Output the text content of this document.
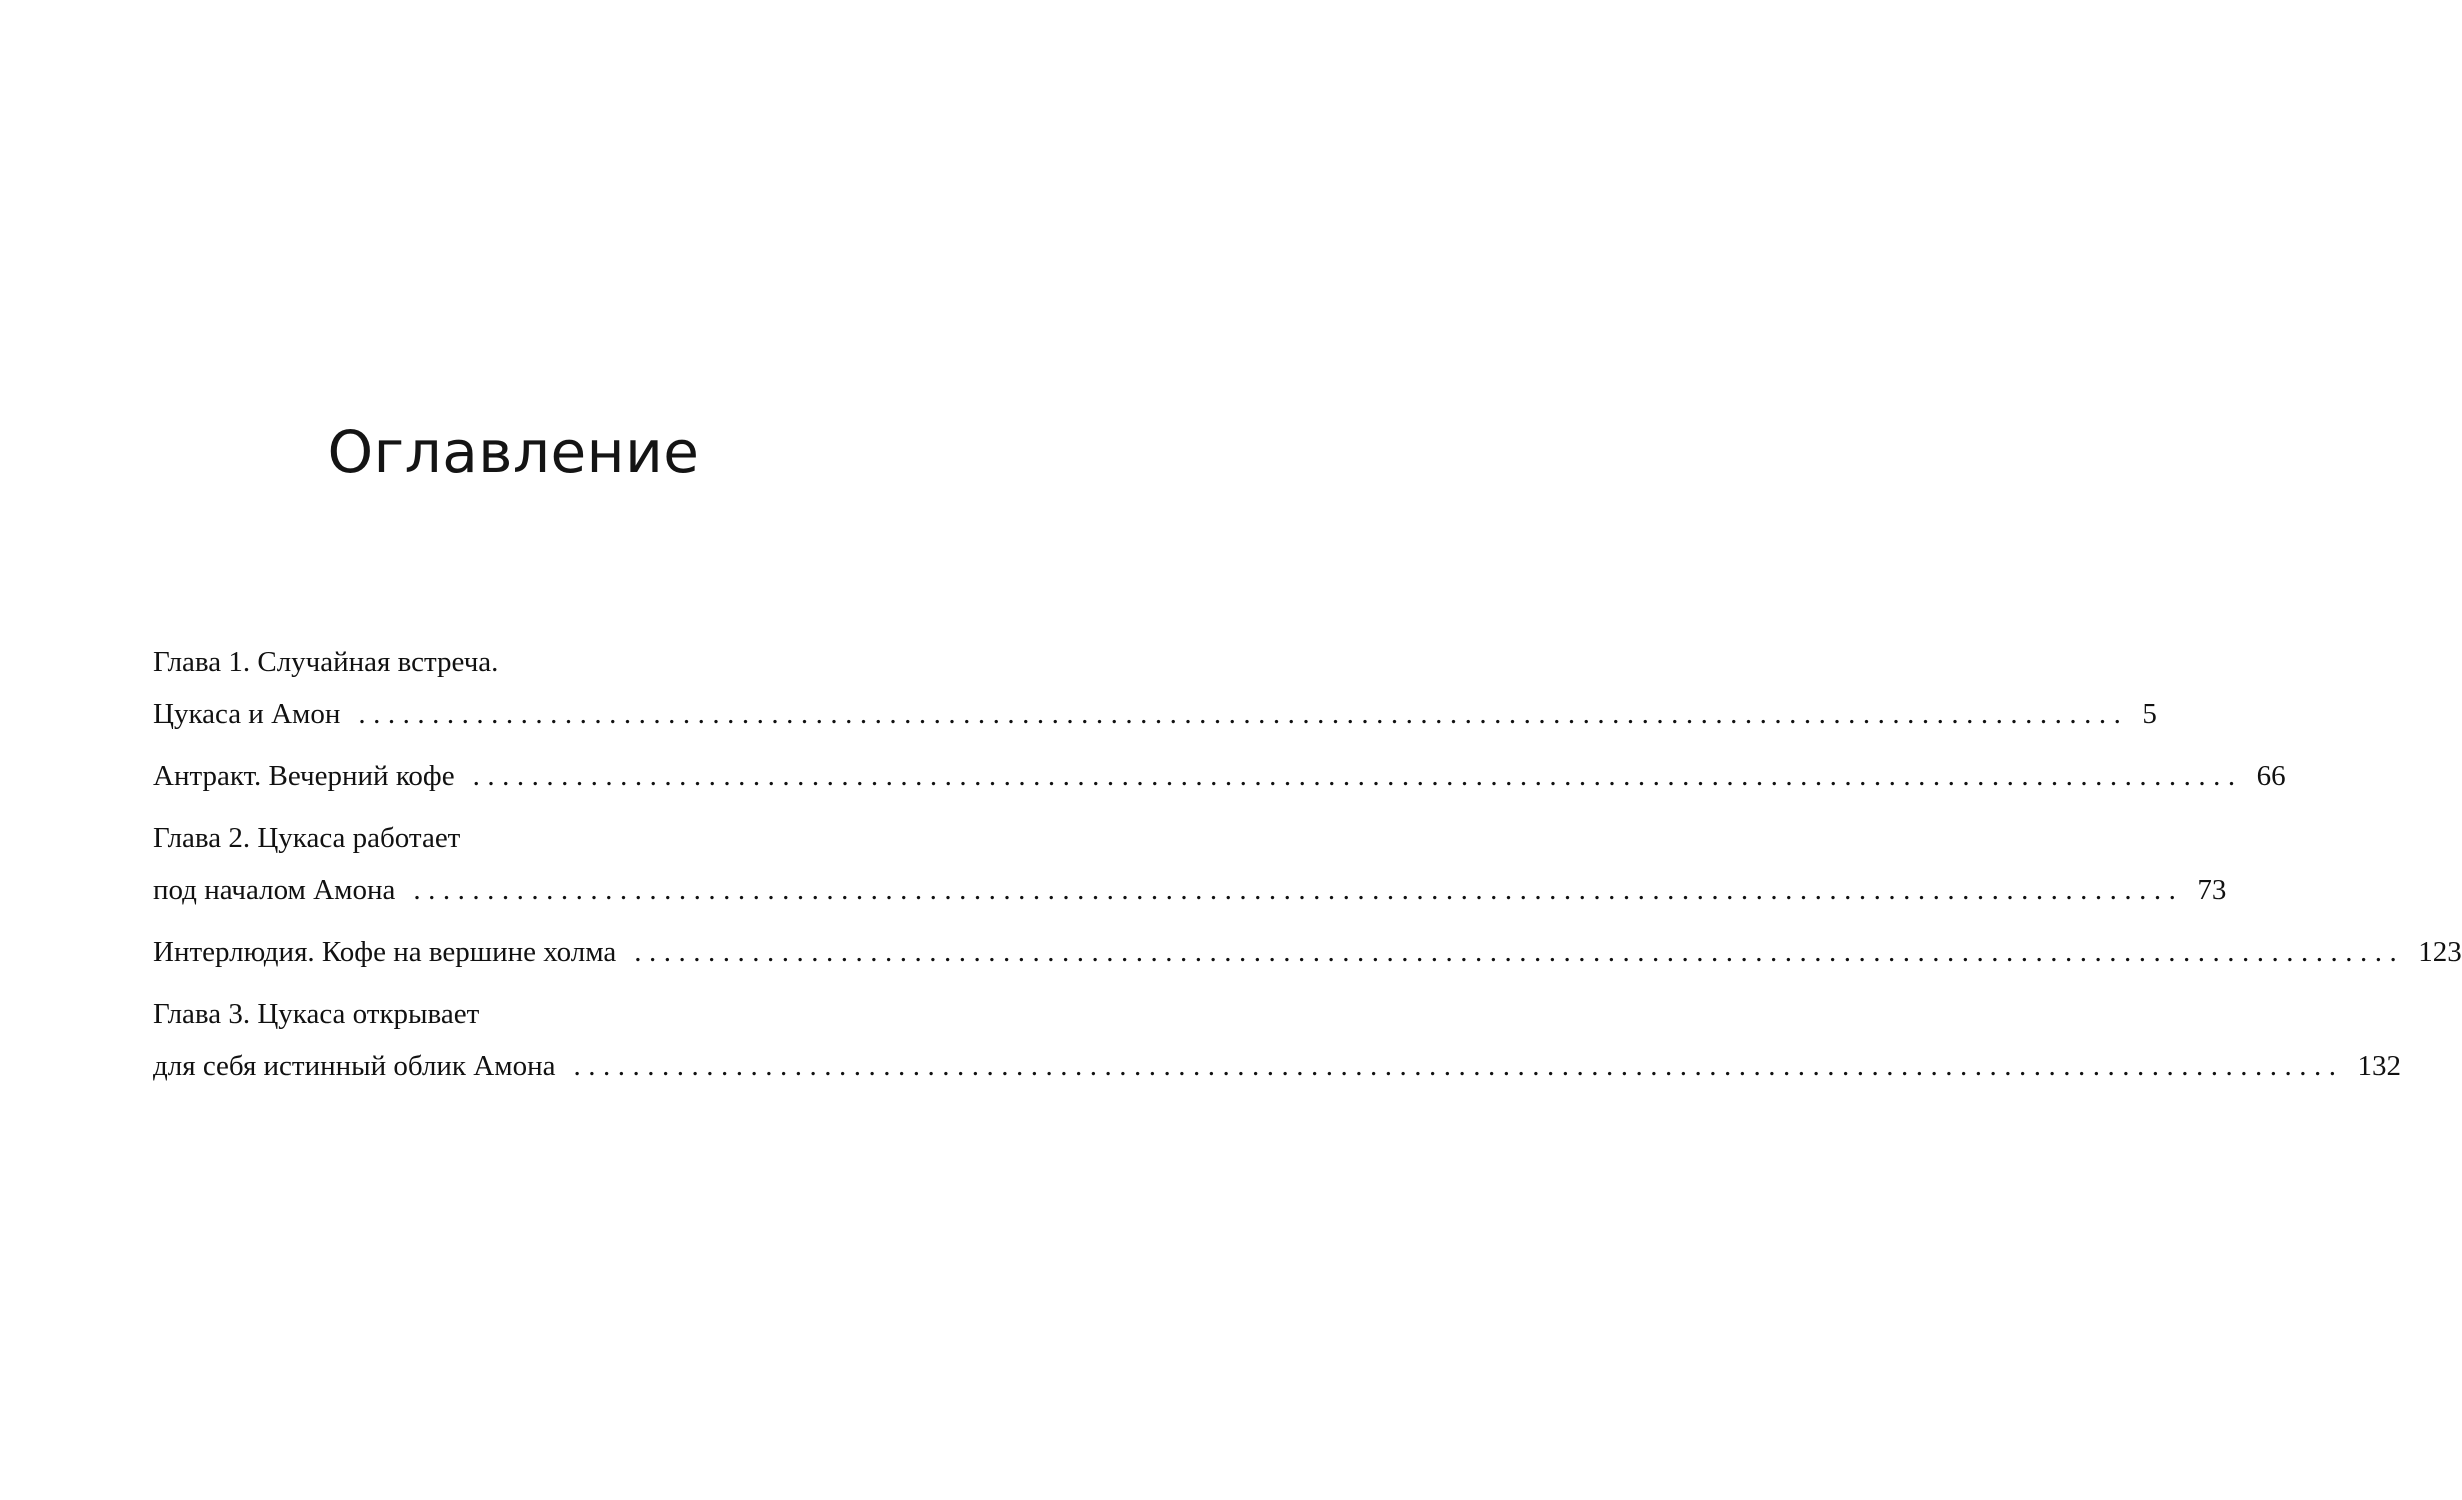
Оглавление
Глава 1. Случайная встреча.
Цукаса и Амон ........................................................................................................................ 5
Антракт. Вечерний кофе ........................................................................................................................ 66
Глава 2. Цукаса работает
под началом Амона ........................................................................................................................ 73
Интерлюдия. Кофе на вершине холма ........................................................................................................................ 123
Глава 3. Цукаса открывает
для себя истинный облик Амона ........................................................................................................................ 132
